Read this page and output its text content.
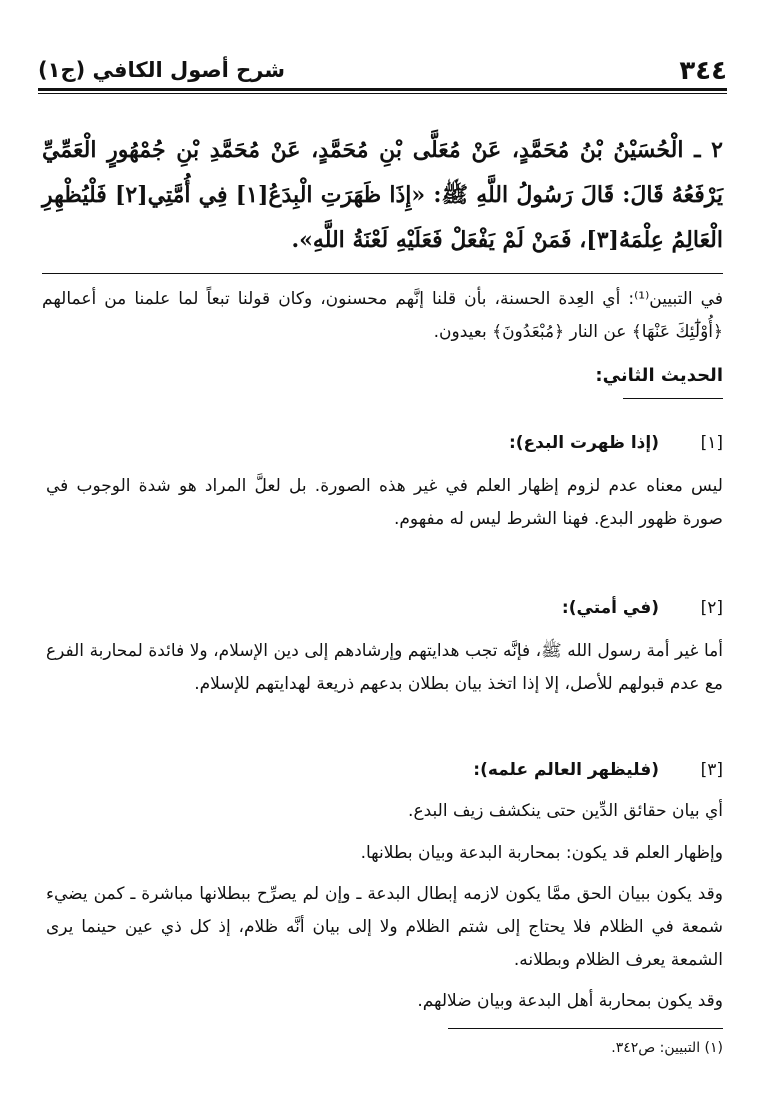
٣٤٤
شرح أصول الكافي (ج١)
٢ ـ الْحُسَيْنُ بْنُ مُحَمَّدٍ، عَنْ مُعَلَّى بْنِ مُحَمَّدٍ، عَنْ مُحَمَّدِ بْنِ جُمْهُورٍ الْعَمِّيِّ يَرْفَعُهُ قَالَ: قَالَ رَسُولُ اللَّهِ ﷺ: «إِذَا ظَهَرَتِ الْبِدَعُ[١] فِي أُمَّتِي[٢] فَلْيُظْهِرِ الْعَالِمُ عِلْمَهُ[٣]، فَمَنْ لَمْ يَفْعَلْ فَعَلَيْهِ لَعْنَةُ اللَّهِ».
في التبيين⁽¹⁾: أي العِدة الحسنة، بأن قلنا إنَّهم محسنون، وكان قولنا تبعاً لما علمنا من أعمالهم ﴿أُوْلَٰٓئِكَ عَنْهَا﴾ عن النار ﴿مُبْعَدُونَ﴾ بعيدون.
الحديث الثاني:
[١]
(إذا ظهرت البدع):
ليس معناه عدم لزوم إظهار العلم في غير هذه الصورة. بل لعلَّ المراد هو شدة الوجوب في صورة ظهور البدع. فهنا الشرط ليس له مفهوم.
[٢]
(في أمتي):
أما غير أمة رسول الله ﷺ، فإنَّه تجب هدايتهم وإرشادهم إلى دين الإسلام، ولا فائدة لمحاربة الفرع مع عدم قبولهم للأصل، إلا إذا اتخذ بيان بطلان بدعهم ذريعة لهدايتهم للإسلام.
[٣]
(فليظهر العالم علمه):
أي بيان حقائق الدِّين حتى ينكشف زيف البدع.
وإظهار العلم قد يكون: بمحاربة البدعة وبيان بطلانها.
وقد يكون ببيان الحق ممَّا يكون لازمه إبطال البدعة ـ وإن لم يصرِّح ببطلانها مباشرة ـ كمن يضيء شمعة في الظلام فلا يحتاج إلى شتم الظلام ولا إلى بيان أنَّه ظلام، إذ كل ذي عين حينما يرى الشمعة يعرف الظلام وبطلانه.
وقد يكون بمحاربة أهل البدعة وبيان ضلالهم.
(١) التبيين: ص٣٤٢.
